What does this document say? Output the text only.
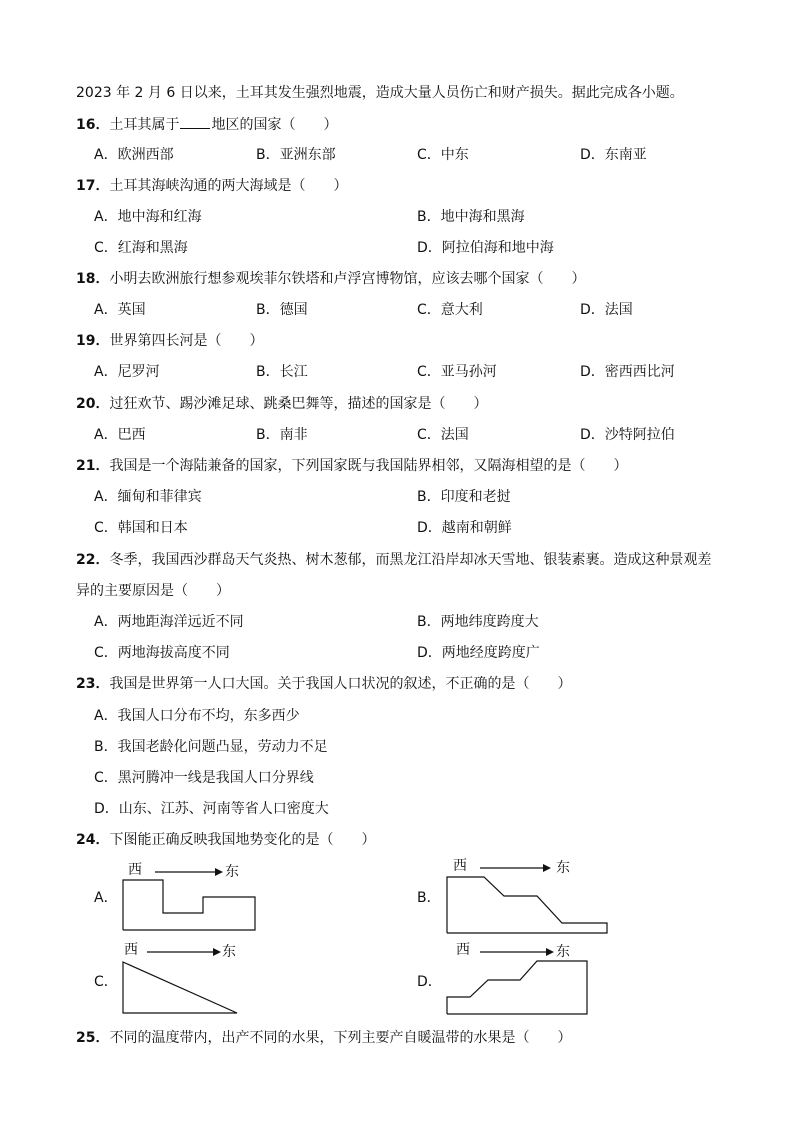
2023 年 2 月 6 日以来，土耳其发生强烈地震，造成大量人员伤亡和财产损失。据此完成各小题。
16．土耳其属于 地区的国家（　　）
A．欧洲西部	B．亚洲东部	C．中东	D．东南亚
17．土耳其海峡沟通的两大海域是（　　）
A．地中海和红海	B．地中海和黑海
C．红海和黑海	D．阿拉伯海和地中海
18．小明去欧洲旅行想参观埃菲尔铁塔和卢浮宫博物馆，应该去哪个国家（　　）
A．英国	B．德国	C．意大利	D．法国
19．世界第四长河是（　　）
A．尼罗河	B．长江	C．亚马孙河	D．密西西比河
20．过狂欢节、踢沙滩足球、跳桑巴舞等，描述的国家是（　　）
A．巴西	B．南非	C．法国	D．沙特阿拉伯
21．我国是一个海陆兼备的国家，下列国家既与我国陆界相邻，又隔海相望的是（　　）
A．缅甸和菲律宾	B．印度和老挝
C．韩国和日本	D．越南和朝鲜
22．冬季，我国西沙群岛天气炎热、树木葱郁，而黑龙江沿岸却冰天雪地、银装素裹。造成这种景观差
异的主要原因是（　　）
A．两地距海洋远近不同	B．两地纬度跨度大
C．两地海拔高度不同	D．两地经度跨度广
23．我国是世界第一人口大国。关于我国人口状况的叙述，不正确的是（　　）
A．我国人口分布不均，东多西少
B．我国老龄化问题凸显，劳动力不足
C．黑河腾冲一线是我国人口分界线
D．山东、江苏、河南等省人口密度大
24．下图能正确反映我国地势变化的是（　　）
A．
西	东
B．
西	东
C．
西	东
D．
西	东
25．不同的温度带内，出产不同的水果，下列主要产自暖温带的水果是（　　）
